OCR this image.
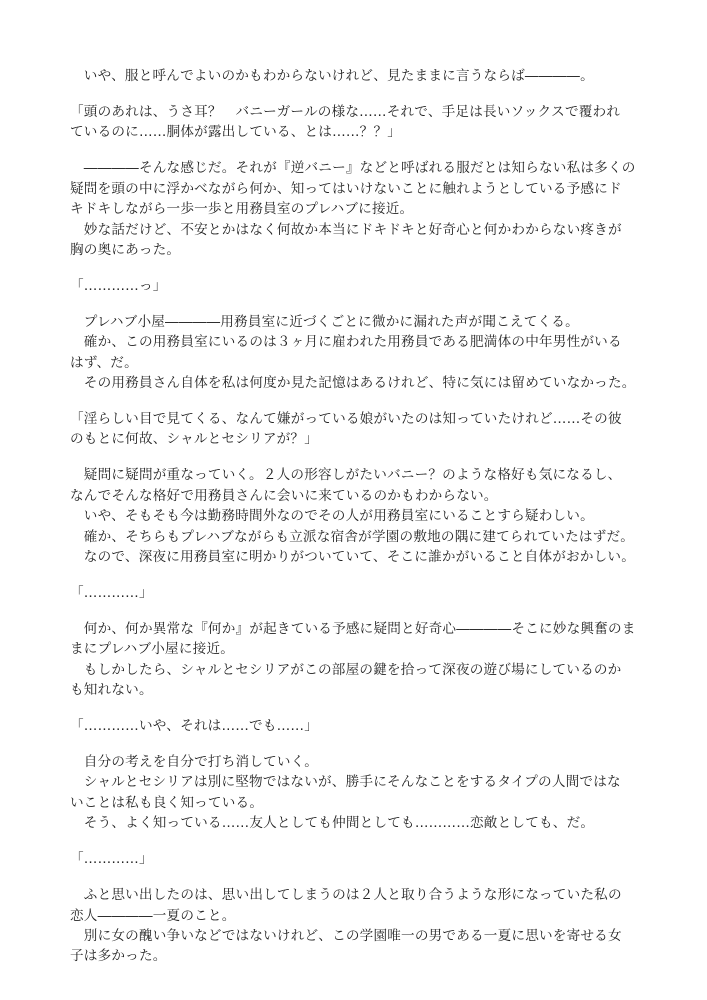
　いや、服と呼んでよいのかもわからないけれど、見たままに言うならば――――。
「頭のあれは、うさ耳？　バニーガールの様な……それで、手足は長いソックスで覆われ
ているのに……胴体が露出している、とは……？？」
　――――そんな感じだ。それが『逆バニー』などと呼ばれる服だとは知らない私は多くの
疑問を頭の中に浮かべながら何か、知ってはいけないことに触れようとしている予感にド
キドキしながら一歩一歩と用務員室のプレハブに接近。
　妙な話だけど、不安とかはなく何故か本当にドキドキと好奇心と何かわからない疼きが
胸の奥にあった。
「…………っ」
　プレハブ小屋――――用務員室に近づくごとに微かに漏れた声が聞こえてくる。
　確か、この用務員室にいるのは３ヶ月に雇われた用務員である肥満体の中年男性がいる
はず、だ。
　その用務員さん自体を私は何度か見た記憶はあるけれど、特に気には留めていなかった。
「淫らしい目で見てくる、なんて嫌がっている娘がいたのは知っていたけれど……その彼
のもとに何故、シャルとセシリアが？」
　疑問に疑問が重なっていく。２人の形容しがたいバニー？のような格好も気になるし、
なんでそんな格好で用務員さんに会いに来ているのかもわからない。
　いや、そもそも今は勤務時間外なのでその人が用務員室にいることすら疑わしい。
　確か、そちらもプレハブながらも立派な宿舎が学園の敷地の隅に建てられていたはずだ。
　なので、深夜に用務員室に明かりがついていて、そこに誰かがいること自体がおかしい。
「…………」
　何か、何か異常な『何か』が起きている予感に疑問と好奇心――――そこに妙な興奮のま
まにプレハブ小屋に接近。
　もしかしたら、シャルとセシリアがこの部屋の鍵を拾って深夜の遊び場にしているのか
も知れない。
「…………いや、それは……でも……」
　自分の考えを自分で打ち消していく。
　シャルとセシリアは別に堅物ではないが、勝手にそんなことをするタイプの人間ではな
いことは私も良く知っている。
　そう、よく知っている……友人としても仲間としても…………恋敵としても、だ。
「…………」
　ふと思い出したのは、思い出してしまうのは２人と取り合うような形になっていた私の
恋人――――一夏のこと。
　別に女の醜い争いなどではないけれど、この学園唯一の男である一夏に思いを寄せる女
子は多かった。
